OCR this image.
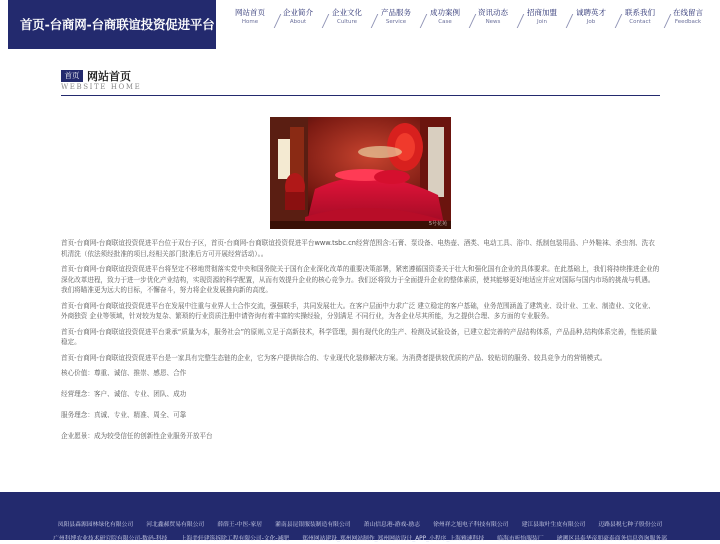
首页-台商网-台商联谊投资促进平台
网站首页
Home
企业简介
About
企业文化
Culture
产品服务
Service
成功案例
Case
资讯动态
News
招商加盟
Join
诚聘英才
Job
联系我们
Contact
在线留言
Feedback
首页 网站首页
WEBSITE HOME
5号花苑

首页-台商网-台商联谊投资促进平台位于双台子区，首页-台商网-台商联谊投资促进平台www.tsbc.cn经营范围含:石膏、泵设备、电热壶、酒类、电动工具、浴巾、纸制包装用品、户外鞋袜、杀虫剂、洗衣机清洗（依法须经批准的项目,经相关部门批准后方可开展经营活动）。。

首页-台商网-台商联谊投资促进平台将坚定不移地贯彻落实党中央和国务院关于国有企业深化改革的重要决策部署，紧密遵循国资委关于壮大和强化国有企业的具体要求。在此基础上，我们将持续推进企业的深化改革进程，致力于进一步优化产业结构，实现资源的科学配置，从而有效提升企业的核心竞争力。我们还将致力于全面提升企业的整体素质，使其能够更好地适应并应对国际与国内市场的挑战与机遇。我们将瞄准更为远大的目标，不懈奋斗，努力将企业发展推向新的高度。

首页-台商网-台商联谊投资促进平台在发展中注重与业界人士合作交流，强强联手，共同发展壮大。在客户层面中力求广泛 建立稳定的客户基础，业务范围涵盖了建筑业、设计业、工业、制造业、文化业、外商独资 企业等领域，针对较为复杂、繁琐的行业资质注册申请咨询有着丰富的实操经验，分别满足 不同行业，为各企业尽其所能，为之提供合理、多方面的专业服务。

首页-台商网-台商联谊投资促进平台秉承“质量为本，服务社会”的原则,立足于高新技术，科学管理，拥有现代化的生产、检测及试验设备，已建立起完善的产品结构体系，产品品种,结构体系完善，性能质量稳定。

首页-台商网-台商联谊投资促进平台是一家具有完整生态链的企业，它为客户提供综合的、专业现代化装修解决方案。为消费者提供较优质的产品、较贴切的服务、较具竞争力的营销模式。

核心价值：尊重、诚信、推崇、感恩、合作

经营理念：客户、诚信、专业、团队、成功

服务理念：真诚、专业、精准、周全、可靠

企业愿景：成为较受信任的创新性企业服务开放平台

凤阳县森源园林绿化有限公司 河北鑫郝贸易有限公司 薛薛王-中医-家居 灌南县昆银服装制造有限公司 萧山信息港-游戏-励志 徐州祥之旭电子科技有限公司 建江县取叶生皮有限公司 迈路县税七种子股份公司
广州科博农业技术研究院有限公司-数码-科技 上海美轩建筑拆除工程有限公司-文化-减肥 郑州网站建设_郑州网站制作_郑州网站设计_APP_小程序_上海雅速科技 临海市听怡服装厂 琥溯区昌泰华帝朋豪泰商务信息咨询服务部
